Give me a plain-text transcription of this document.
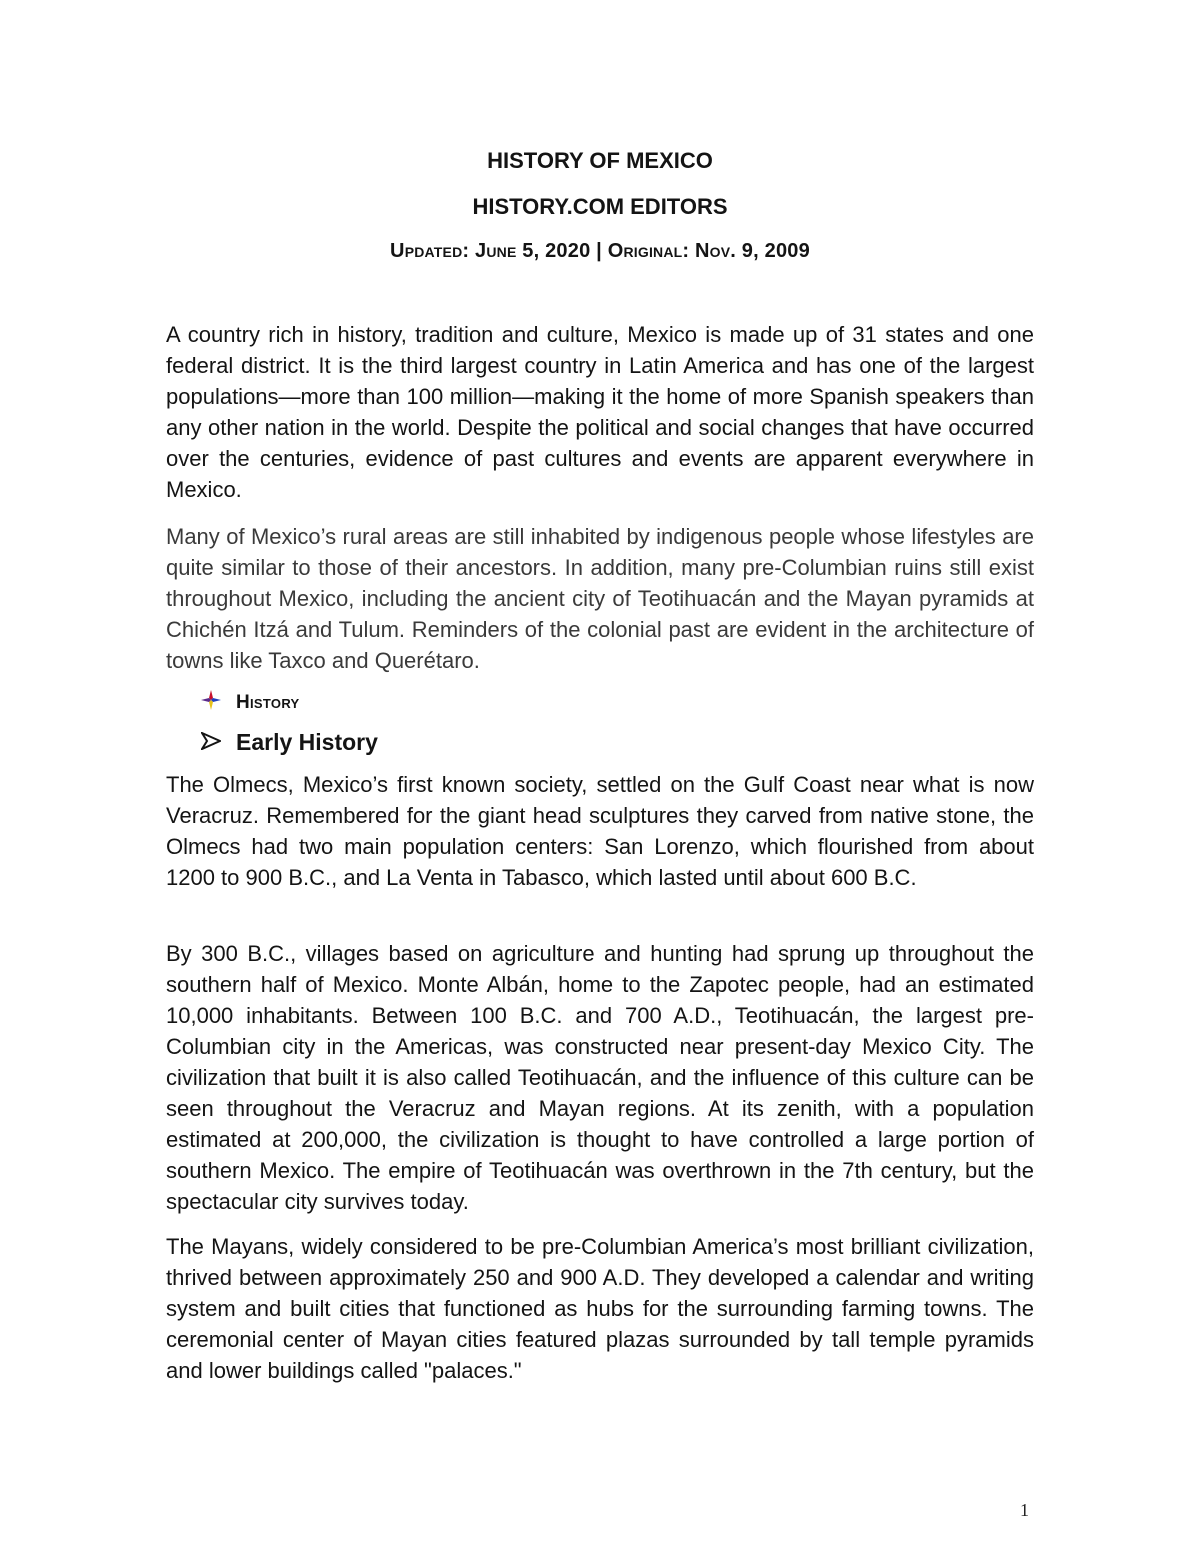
HISTORY OF MEXICO
HISTORY.COM EDITORS
Updated: June 5, 2020 | Original: Nov. 9, 2009

A country rich in history, tradition and culture, Mexico is made up of 31 states and one federal district. It is the third largest country in Latin America and has one of the largest populations—more than 100 million—making it the home of more Spanish speakers than any other nation in the world. Despite the political and social changes that have occurred over the centuries, evidence of past cultures and events are apparent everywhere in Mexico.

Many of Mexico’s rural areas are still inhabited by indigenous people whose lifestyles are quite similar to those of their ancestors. In addition, many pre-Columbian ruins still exist throughout Mexico, including the ancient city of Teotihuacán and the Mayan pyramids at Chichén Itzá and Tulum. Reminders of the colonial past are evident in the architecture of towns like Taxco and Querétaro.

History
Early History

The Olmecs, Mexico’s first known society, settled on the Gulf Coast near what is now Veracruz. Remembered for the giant head sculptures they carved from native stone, the Olmecs had two main population centers: San Lorenzo, which flourished from about 1200 to 900 B.C., and La Venta in Tabasco, which lasted until about 600 B.C.

By 300 B.C., villages based on agriculture and hunting had sprung up throughout the southern half of Mexico. Monte Albán, home to the Zapotec people, had an estimated 10,000 inhabitants. Between 100 B.C. and 700 A.D., Teotihuacán, the largest pre-Columbian city in the Americas, was constructed near present-day Mexico City. The civilization that built it is also called Teotihuacán, and the influence of this culture can be seen throughout the Veracruz and Mayan regions. At its zenith, with a population estimated at 200,000, the civilization is thought to have controlled a large portion of southern Mexico. The empire of Teotihuacán was overthrown in the 7th century, but the spectacular city survives today.

The Mayans, widely considered to be pre-Columbian America’s most brilliant civilization, thrived between approximately 250 and 900 A.D. They developed a calendar and writing system and built cities that functioned as hubs for the surrounding farming towns. The ceremonial center of Mayan cities featured plazas surrounded by tall temple pyramids and lower buildings called "palaces."

1
